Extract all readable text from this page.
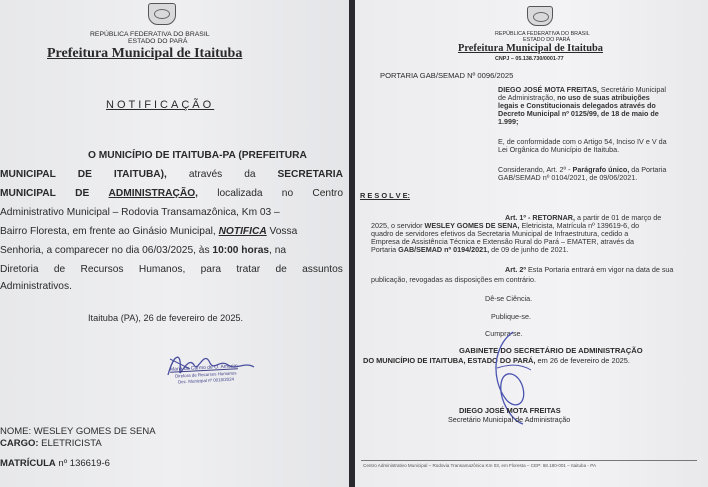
REPÚBLICA FEDERATIVA DO BRASIL
ESTADO DO PARÁ
Prefeitura Municipal de Itaituba
NOTIFICAÇÃO
O MUNICÍPIO DE ITAITUBA-PA (PREFEITURA
MUNICIPAL DE ITAITUBA), através da SECRETARIA
MUNICIPAL DE ADMINISTRAÇÃO, localizada no Centro
Administrativo Municipal – Rodovia Transamazônica, Km 03 –
Bairro Floresta, em frente ao Ginásio Municipal, NOTIFICA Vossa
Senhoria, a comparecer no dia 06/03/2025, às 10:00 horas, na
Diretoria de Recursos Humanos, para tratar de assuntos
Administrativos.
Itaituba (PA), 26 de fevereiro de 2025.
Maria do Carmo de O. Amorim
Diretora de Recursos Humanos
Dec. Municipal nº 0018/2024
NOME: WESLEY GOMES DE SENA
CARGO: ELETRICISTA
MATRÍCULA nº 136619-6
REPÚBLICA FEDERATIVA DO BRASIL
ESTADO DO PARÁ
Prefeitura Municipal de Itaituba
CNPJ – 05.138.730/0001-77
PORTARIA GAB/SEMAD Nº 0096/2025
DIEGO JOSÉ MOTA FREITAS, Secretário Municipal
de Administração, no uso de suas atribuições
legais e Constitucionais delegados através do
Decreto Municipal nº 0125/99, de 18 de maio de
1.999;
E, de conformidade com o Artigo 54, Inciso IV e V da
Lei Orgânica do Município de Itaituba.
Considerando, Art. 2º - Parágrafo único, da Portaria
GAB/SEMAD nº 0104/2021, de 09/06/2021.
R E S O L V E:
Art. 1º - RETORNAR, a partir de 01 de março de
2025, o servidor WESLEY GOMES DE SENA, Eletricista, Matrícula nº 139619-6, do
quadro de servidores efetivos da Secretaria Municipal de Infraestrutura, cedido a
Empresa de Assistência Técnica e Extensão Rural do Pará – EMATER, através da
Portaria GAB/SEMAD nº 0194/2021, de 09 de junho de 2021.
Art. 2º Esta Portaria entrará em vigor na data de sua
publicação, revogadas as disposições em contrário.
Dê-se Ciência.
Publique-se.
Cumpra-se.
GABINETE DO SECRETÁRIO DE ADMINISTRAÇÃO
DO MUNICÍPIO DE ITAITUBA, ESTADO DO PARÁ, em 26 de fevereiro de 2025.
DIEGO JOSÉ MOTA FREITAS
Secretário Municipal de Administração
Centro Administrativo Municipal – Rodovia Transamazônica Km 03, em Floresta – CEP: 68.180-001 – Itaituba - PA
